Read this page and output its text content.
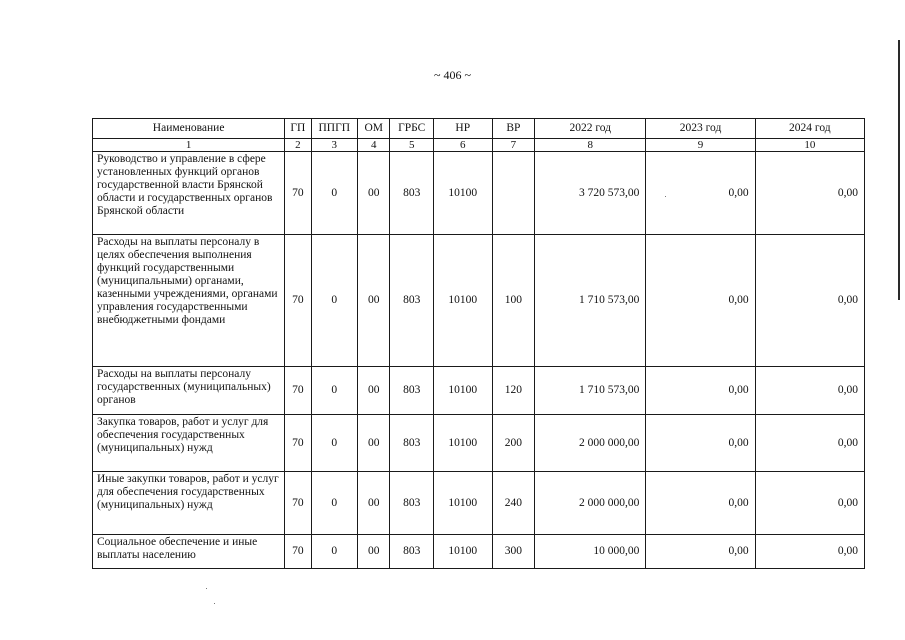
~ 406 ~
Наименование	ГП	ППГП	ОМ	ГРБС	НР	ВР	2022 год	2023 год	2024 год
1	2	3	4	5	6	7	8	9	10
Руководство и управление в сфере установленных функций органов государственной власти Брянской области и государственных органов Брянской области	70	0	00	803	10100		3 720 573,00	0,00	0,00
Расходы на выплаты персоналу в целях обеспечения выполнения функций государственными (муниципальными) органами, казенными учреждениями, органами управления государственными внебюджетными фондами	70	0	00	803	10100	100	1 710 573,00	0,00	0,00
Расходы на выплаты персоналу государственных (муниципальных) органов	70	0	00	803	10100	120	1 710 573,00	0,00	0,00
Закупка товаров, работ и услуг для обеспечения государственных (муниципальных) нужд	70	0	00	803	10100	200	2 000 000,00	0,00	0,00
Иные закупки товаров, работ и услуг для обеспечения государственных (муниципальных) нужд	70	0	00	803	10100	240	2 000 000,00	0,00	0,00
Социальное обеспечение и иные выплаты населению	70	0	00	803	10100	300	10 000,00	0,00	0,00
